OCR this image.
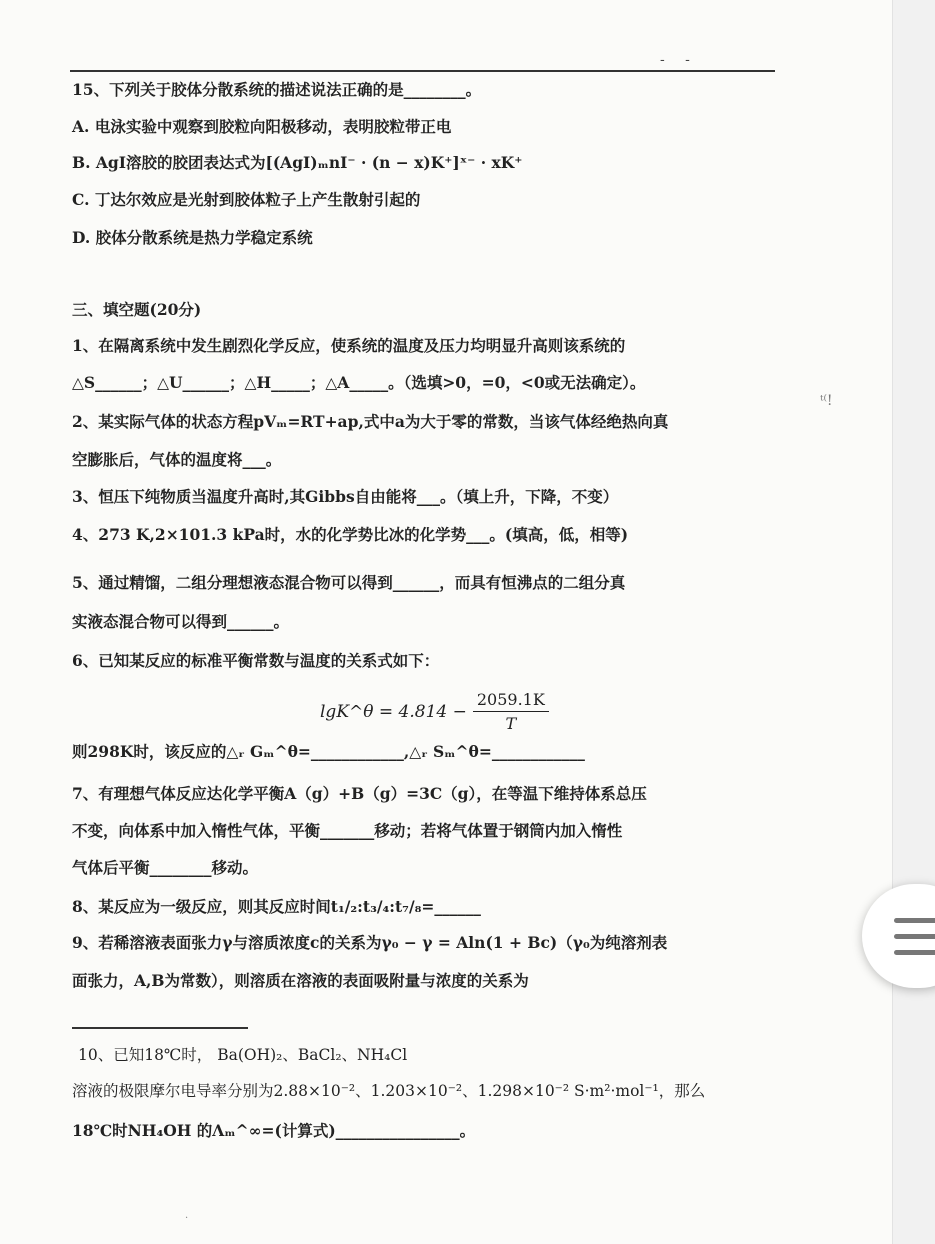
- -
15、下列关于胶体分散系统的描述说法正确的是________。
A. 电泳实验中观察到胶粒向阳极移动，表明胶粒带正电
B. AgI溶胶的胶团表达式为[(AgI)ₘnI⁻ · (n − x)K⁺]ˣ⁻ · xK⁺
C. 丁达尔效应是光射到胶体粒子上产生散射引起的
D. 胶体分散系统是热力学稳定系统
三、填空题(20分)
1、在隔离系统中发生剧烈化学反应，使系统的温度及压力均明显升高则该系统的
△S______；△U______；△H_____；△A_____。（选填>0，=0，<0或无法确定）。
ᵗ⁽!
2、某实际气体的状态方程pVₘ=RT+ap,式中a为大于零的常数，当该气体经绝热向真
空膨胀后，气体的温度将___。
3、恒压下纯物质当温度升高时,其Gibbs自由能将___。（填上升，下降，不变）
4、273 K,2×101.3 kPa时，水的化学势比冰的化学势___。(填高，低，相等)
5、通过精馏，二组分理想液态混合物可以得到______，而具有恒沸点的二组分真
实液态混合物可以得到______。
6、已知某反应的标准平衡常数与温度的关系式如下：
lgK^θ = $4.814 - \frac{2059.1K}{T}$
则298K时，该反应的△ᵣ Gₘ^θ=____________,△ᵣ Sₘ^θ=____________
7、有理想气体反应达化学平衡A（g）+B（g）=3C（g），在等温下维持体系总压
不变，向体系中加入惰性气体，平衡_______移动；若将气体置于钢筒内加入惰性
气体后平衡________移动。
8、某反应为一级反应，则其反应时间t₁/₂:t₃/₄:t₇/₈=______
9、若稀溶液表面张力γ与溶质浓度c的关系为γ₀ − γ = Aln(1 + Bc)（γ₀为纯溶剂表
面张力，A,B为常数），则溶质在溶液的表面吸附量与浓度的关系为
10、已知18℃时， Ba(OH)₂、BaCl₂、NH₄Cl
溶液的极限摩尔电导率分别为2.88×10⁻²、1.203×10⁻²、1.298×10⁻² S·m²·mol⁻¹，那么
18℃时NH₄OH 的Λₘ^∞=(计算式)________________。
·
